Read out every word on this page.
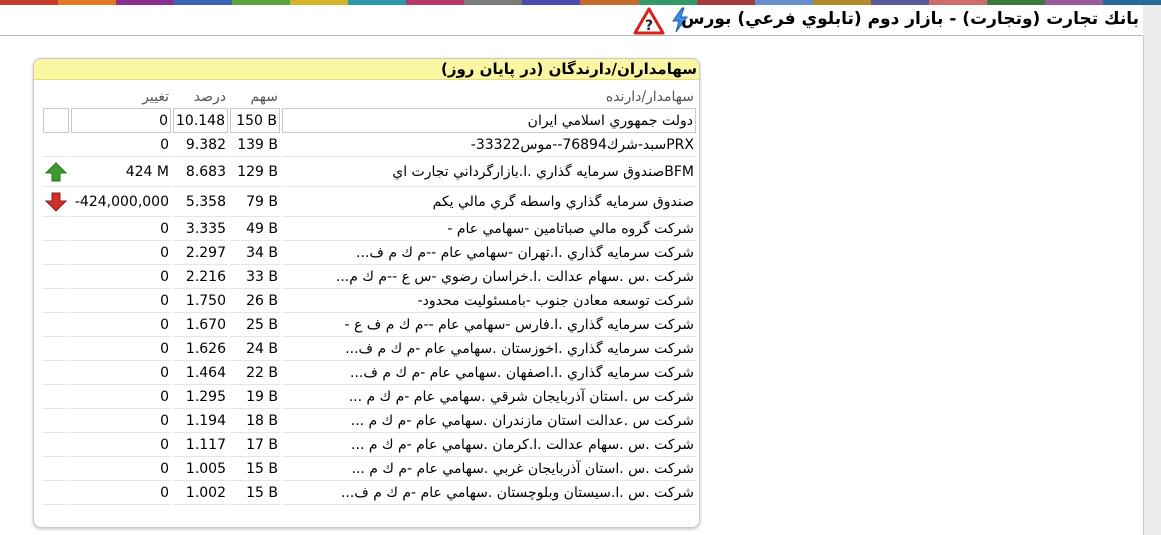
? بانك تجارت (وتجارت) - بازار دوم (تابلوي فرعي) بورس
سهامداران/دارندگان (در پايان روز)
	تغيير	درصد	سهم	سهامدار/دارنده
	0	10.148	150 B	دولت جمهوري اسلامي ايران
	0	9.382	139 B	PRXسبد-شرك76894--موس33322-
	424 M	8.683	129 B	BFMصندوق سرمايه گذاري .ا.بازارگرداني تجارت اي
	-424,000,000	5.358	79 B	صندوق سرمايه گذاري واسطه گري مالي يكم
	0	3.335	49 B	شركت گروه مالي صباتامين -سهامي عام -
	0	2.297	34 B	شركت سرمايه گذاري .ا.تهران -سهامي عام --م ك م ف...
	0	2.216	33 B	شركت .س .سهام عدالت .ا.خراسان رضوي -س ع --م ك م...
	0	1.750	26 B	شركت توسعه معادن جنوب -بامسئوليت محدود-
	0	1.670	25 B	شركت سرمايه گذاري .ا.فارس -سهامي عام --م ك م ف ع -
	0	1.626	24 B	شركت سرمايه گذاري .اخوزستان .سهامي عام -م ك م ف...
	0	1.464	22 B	شركت سرمايه گذاري .ا.اصفهان .سهامي عام -م ك م ف...
	0	1.295	19 B	شركت س .استان آذربايجان شرقي .سهامي عام -م ك م ...
	0	1.194	18 B	شركت س .عدالت استان مازندران .سهامي عام -م ك م ...
	0	1.117	17 B	شركت .س .سهام عدالت .ا.كرمان .سهامي عام -م ك م ...
	0	1.005	15 B	شركت .س .استان آذربايجان غربي .سهامي عام -م ك م ...
	0	1.002	15 B	شركت .س .ا.سيستان وبلوچستان .سهامي عام -م ك م ف...
